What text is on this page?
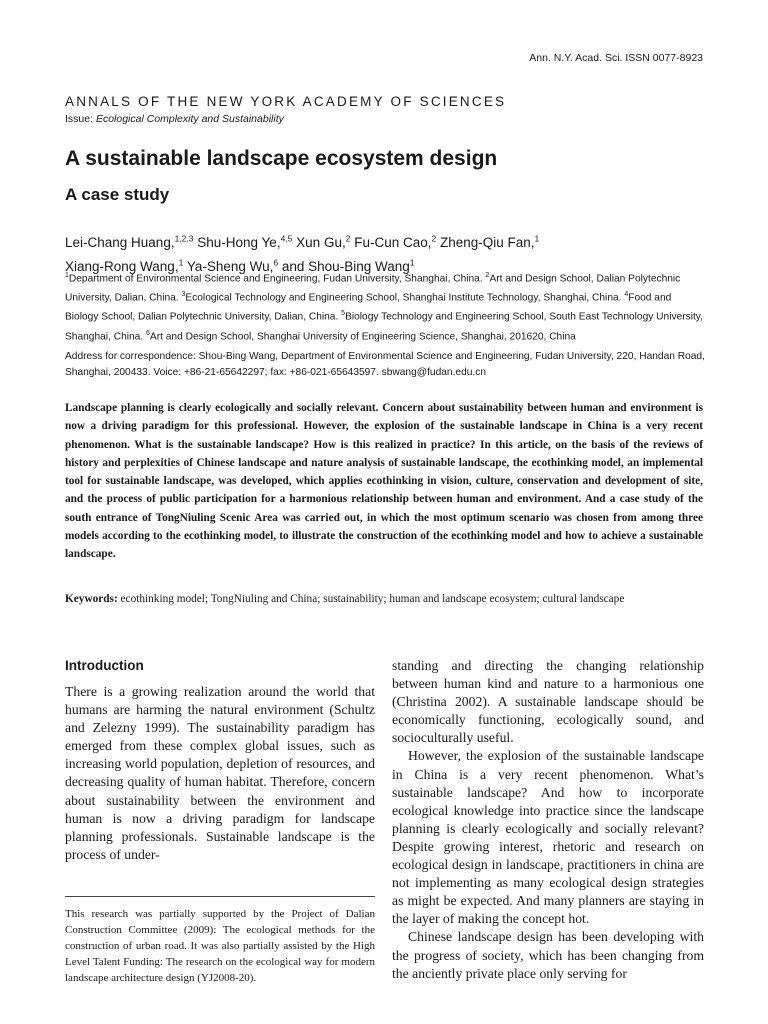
Ann. N.Y. Acad. Sci. ISSN 0077-8923
ANNALS OF THE NEW YORK ACADEMY OF SCIENCES
Issue: Ecological Complexity and Sustainability
A sustainable landscape ecosystem design
A case study
Lei-Chang Huang,$^{1,2,3}$ Shu-Hong Ye,$^{4,5}$ Xun Gu,$^2$ Fu-Cun Cao,$^2$ Zheng-Qiu Fan,$^1$
Xiang-Rong Wang,$^1$ Ya-Sheng Wu,$^6$ and Shou-Bing Wang$^1$
$^1$Department of Environmental Science and Engineering, Fudan University, Shanghai, China. $^2$Art and Design School, Dalian Polytechnic University, Dalian, China. $^3$Ecological Technology and Engineering School, Shanghai Institute Technology, Shanghai, China. $^4$Food and Biology School, Dalian Polytechnic University, Dalian, China. $^5$Biology Technology and Engineering School, South East Technology University, Shanghai, China. $^6$Art and Design School, Shanghai University of Engineering Science, Shanghai, 201620, China
Address for correspondence: Shou-Bing Wang, Department of Environmental Science and Engineering, Fudan University, 220, Handan Road, Shanghai, 200433. Voice: +86-21-65642297; fax: +86-021-65643597. sbwang@fudan.edu.cn
Landscape planning is clearly ecologically and socially relevant. Concern about sustainability between human and environment is now a driving paradigm for this professional. However, the explosion of the sustainable landscape in China is a very recent phenomenon. What is the sustainable landscape? How is this realized in practice? In this article, on the basis of the reviews of history and perplexities of Chinese landscape and nature analysis of sustainable landscape, the ecothinking model, an implemental tool for sustainable landscape, was developed, which applies ecothinking in vision, culture, conservation and development of site, and the process of public participation for a harmonious relationship between human and environment. And a case study of the south entrance of TongNiuling Scenic Area was carried out, in which the most optimum scenario was chosen from among three models according to the ecothinking model, to illustrate the construction of the ecothinking model and how to achieve a sustainable landscape.
Keywords: ecothinking model; TongNiuling and China; sustainability; human and landscape ecosystem; cultural landscape
Introduction

There is a growing realization around the world that humans are harming the natural environment (Schultz and Zelezny 1999). The sustainability paradigm has emerged from these complex global issues, such as increasing world population, depletion of resources, and decreasing quality of human habitat. Therefore, concern about sustainability between the environment and human is now a driving paradigm for landscape planning professionals. Sustainable landscape is the process of under-

standing and directing the changing relationship between human kind and nature to a harmonious one (Christina 2002). A sustainable landscape should be economically functioning, ecologically sound, and socioculturally useful.

However, the explosion of the sustainable landscape in China is a very recent phenomenon. What’s sustainable landscape? And how to incorporate ecological knowledge into practice since the landscape planning is clearly ecologically and socially relevant? Despite growing interest, rhetoric and research on ecological design in landscape, practitioners in china are not implementing as many ecological design strategies as might be expected. And many planners are staying in the layer of making the concept hot.

Chinese landscape design has been developing with the progress of society, which has been changing from the anciently private place only serving for

This research was partially supported by the Project of Dalian Construction Committee (2009): The ecological methods for the construction of urban road. It was also partially assisted by the High Level Talent Funding: The research on the ecological way for modern landscape architecture design (YJ2008-20).
